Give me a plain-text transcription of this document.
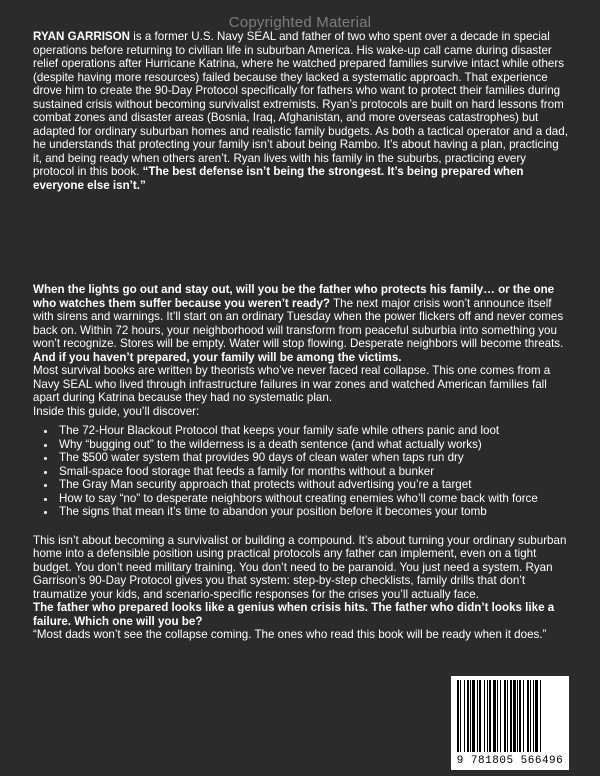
Copyrighted Material
RYAN GARRISON is a former U.S. Navy SEAL and father of two who spent over a decade in special operations before returning to civilian life in suburban America. His wake-up call came during disaster relief operations after Hurricane Katrina, where he watched prepared families survive intact while others (despite having more resources) failed because they lacked a systematic approach. That experience drove him to create the 90-Day Protocol specifically for fathers who want to protect their families during sustained crisis without becoming survivalist extremists. Ryan’s protocols are built on hard lessons from combat zones and disaster areas (Bosnia, Iraq, Afghanistan, and more overseas catastrophes) but adapted for ordinary suburban homes and realistic family budgets. As both a tactical operator and a dad, he understands that protecting your family isn’t about being Rambo. It’s about having a plan, practicing it, and being ready when others aren’t. Ryan lives with his family in the suburbs, practicing every protocol in this book. “The best defense isn’t being the strongest. It’s being prepared when everyone else isn’t.”

When the lights go out and stay out, will you be the father who protects his family… or the one who watches them suffer because you weren’t ready? The next major crisis won’t announce itself with sirens and warnings. It’ll start on an ordinary Tuesday when the power flickers off and never comes back on. Within 72 hours, your neighborhood will transform from peaceful suburbia into something you won’t recognize. Stores will be empty. Water will stop flowing. Desperate neighbors will become threats.

And if you haven’t prepared, your family will be among the victims.

Most survival books are written by theorists who’ve never faced real collapse. This one comes from a Navy SEAL who lived through infrastructure failures in war zones and watched American families fall apart during Katrina because they had no systematic plan.

Inside this guide, you’ll discover:

• The 72-Hour Blackout Protocol that keeps your family safe while others panic and loot
• Why “bugging out” to the wilderness is a death sentence (and what actually works)
• The $500 water system that provides 90 days of clean water when taps run dry
• Small-space food storage that feeds a family for months without a bunker
• The Gray Man security approach that protects without advertising you’re a target
• How to say “no” to desperate neighbors without creating enemies who’ll come back with force
• The signs that mean it’s time to abandon your position before it becomes your tomb

This isn’t about becoming a survivalist or building a compound. It’s about turning your ordinary suburban home into a defensible position using practical protocols any father can implement, even on a tight budget. You don’t need military training. You don’t need to be paranoid. You just need a system. Ryan Garrison’s 90-Day Protocol gives you that system: step-by-step checklists, family drills that don’t traumatize your kids, and scenario-specific responses for the crises you’ll actually face.

The father who prepared looks like a genius when crisis hits. The father who didn’t looks like a failure. Which one will you be?

“Most dads won’t see the collapse coming. The ones who read this book will be ready when it does.”

9 781805 566496
